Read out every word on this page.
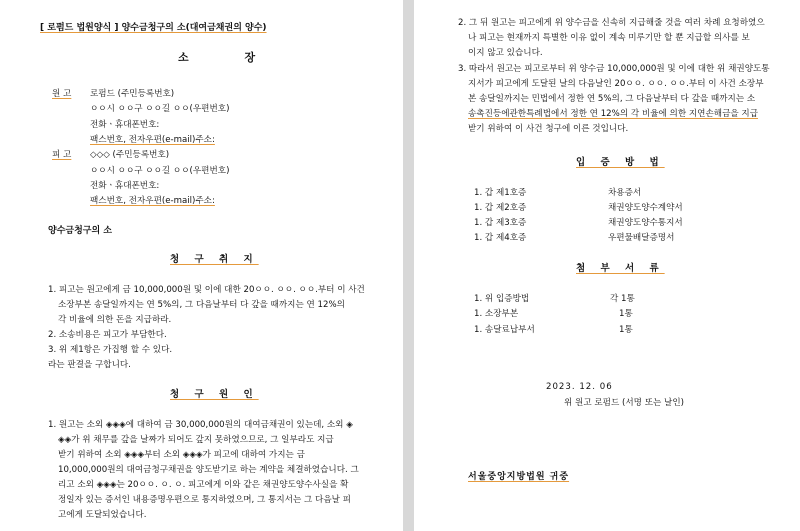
[ 로펌드 법원양식 ] 양수금청구의 소(대여금채권의 양수)
소 장
원 고 로펌드 (주민등록번호)
ㅇㅇ시 ㅇㅇ구 ㅇㅇ길 ㅇㅇ(우편번호)
전화ㆍ휴대폰번호:
팩스번호, 전자우편(e-mail)주소:
피 고 ◇◇◇ (주민등록번호)
ㅇㅇ시 ㅇㅇ구 ㅇㅇ길 ㅇㅇ(우편번호)
전화ㆍ휴대폰번호:
팩스번호, 전자우편(e-mail)주소:
양수금청구의 소
청 구 취 지
1. 피고는 원고에게 금 10,000,000원 및 이에 대한 20ㅇㅇ. ㅇㅇ. ㅇㅇ.부터 이 사건
소장부본 송달일까지는 연 5%의, 그 다음날부터 다 갚을 때까지는 연 12%의
각 비율에 의한 돈을 지급하라.
2. 소송비용은 피고가 부담한다.
3. 위 제1항은 가집행 할 수 있다.
라는 판결을 구합니다.
청 구 원 인
1. 원고는 소외 ◈◈◈에 대하여 금 30,000,000원의 대여금채권이 있는데, 소외 ◈
◈◈가 위 채무를 갚을 날짜가 되어도 갚지 못하였으므로, 그 일부라도 지급
받기 위하여 소외 ◈◈◈부터 소외 ◈◈◈가 피고에 대하여 가지는 금
10,000,000원의 대여금청구채권을 양도받기로 하는 계약을 체결하였습니다. 그
리고 소외 ◈◈◈는 20ㅇㅇ. ㅇ. ㅇ. 피고에게 이와 같은 채권양도양수사실을 확
정일자 있는 증서인 내용증명우편으로 통지하였으며, 그 통지서는 그 다음날 피
고에게 도달되었습니다.
2. 그 뒤 원고는 피고에게 위 양수금을 신속히 지급해줄 것을 여러 차례 요청하였으
나 피고는 현재까지 특별한 이유 없이 계속 미루기만 할 뿐 지급할 의사를 보
이지 않고 있습니다.
3. 따라서 원고는 피고로부터 위 양수금 10,000,000원 및 이에 대한 위 채권양도통
지서가 피고에게 도달된 날의 다음날인 20ㅇㅇ. ㅇㅇ. ㅇㅇ.부터 이 사건 소장부
본 송달일까지는 민법에서 정한 연 5%의, 그 다음날부터 다 갚을 때까지는 소
송촉진등에관한특례법에서 정한 연 12%의 각 비율에 의한 지연손해금을 지급
받기 위하여 이 사건 청구에 이른 것입니다.
입 증 방 법
1. 갑 제1호증	차용증서
1. 갑 제2호증	채권양도양수계약서
1. 갑 제3호증	채권양도양수통지서
1. 갑 제4호증	우편물배달증명서
첨 부 서 류
1. 위 입증방법	각 1통
1. 소장부본	1통
1. 송달료납부서	1통
2023. 12. 06
위 원고 로펌드 (서명 또는 날인)
서울중앙지방법원 귀중
